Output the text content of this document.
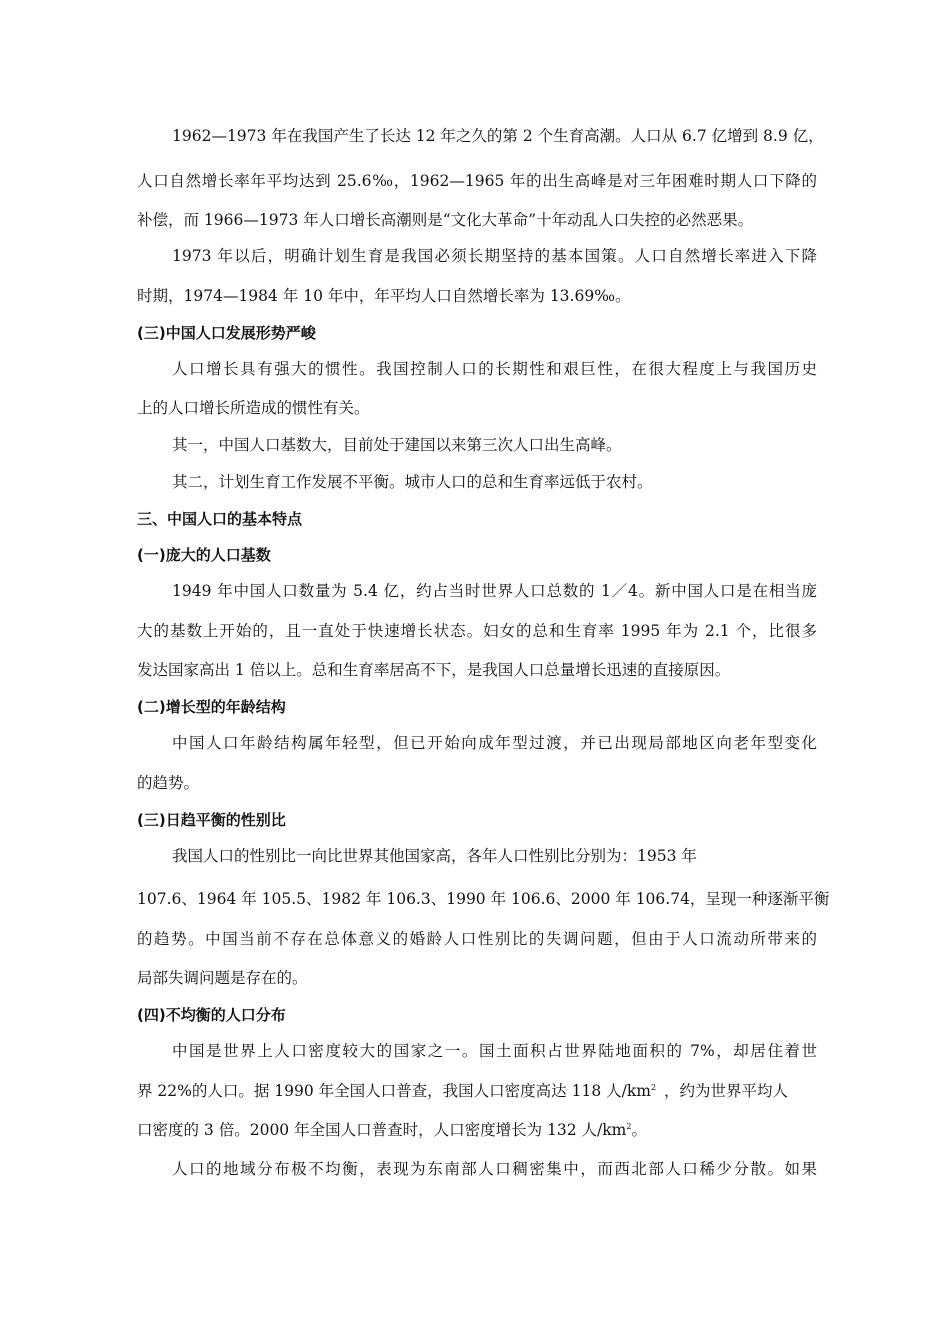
1962—1973 年在我国产生了长达 12 年之久的第 2 个生育高潮。人口从 6.7 亿增到 8.9 亿，
人口自然增长率年平均达到 25.6‰，1962—1965 年的出生高峰是对三年困难时期人口下降的
补偿，而 1966—1973 年人口增长高潮则是“文化大革命”十年动乱人口失控的必然恶果。
1973 年以后，明确计划生育是我国必须长期坚持的基本国策。人口自然增长率进入下降
时期，1974—1984 年 10 年中，年平均人口自然增长率为 13.69‰。
(三)中国人口发展形势严峻
人口增长具有强大的惯性。我国控制人口的长期性和艰巨性，在很大程度上与我国历史
上的人口增长所造成的惯性有关。
其一，中国人口基数大，目前处于建国以来第三次人口出生高峰。
其二，计划生育工作发展不平衡。城市人口的总和生育率远低于农村。
三、中国人口的基本特点
(一)庞大的人口基数
1949 年中国人口数量为 5.4 亿，约占当时世界人口总数的 1／4。新中国人口是在相当庞
大的基数上开始的，且一直处于快速增长状态。妇女的总和生育率 1995 年为 2.1 个，比很多
发达国家高出 1 倍以上。总和生育率居高不下，是我国人口总量增长迅速的直接原因。
(二)增长型的年龄结构
中国人口年龄结构属年轻型，但已开始向成年型过渡，并已出现局部地区向老年型变化
的趋势。
(三)日趋平衡的性别比
我国人口的性别比一向比世界其他国家高，各年人口性别比分别为：1953 年
107.6、1964 年 105.5、1982 年 106.3、1990 年 106.6、2000 年 106.74，呈现一种逐渐平衡
的趋势。中国当前不存在总体意义的婚龄人口性别比的失调问题，但由于人口流动所带来的
局部失调问题是存在的。
(四)不均衡的人口分布
中国是世界上人口密度较大的国家之一。国土面积占世界陆地面积的 7%，却居住着世
界 22%的人口。据 1990 年全国人口普查，我国人口密度高达 118 人$/km^2$ ，约为世界平均人
口密度的 3 倍。2000 年全国人口普查时，人口密度增长为 132 人$/km^2$。
人口的地域分布极不均衡，表现为东南部人口稠密集中，而西北部人口稀少分散。如果
